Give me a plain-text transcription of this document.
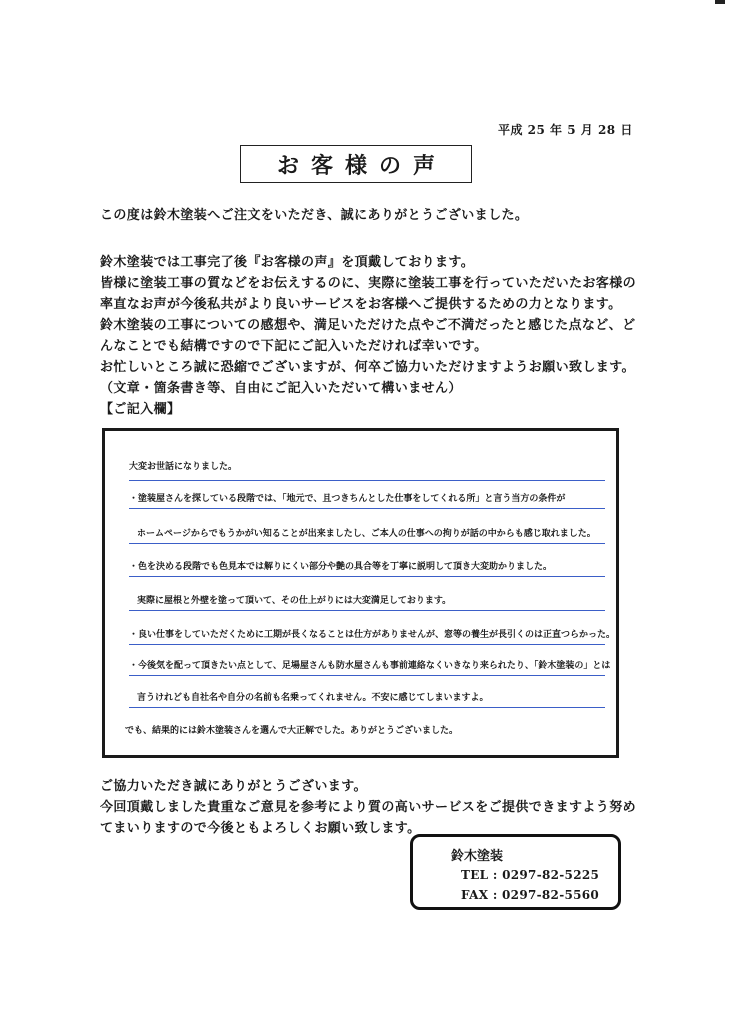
平成 25 年 5 月 28 日
お客様の声
この度は鈴木塗装へご注文をいただき、誠にありがとうございました。
鈴木塗装では工事完了後『お客様の声』を頂戴しております。
皆様に塗装工事の質などをお伝えするのに、実際に塗装工事を行っていただいたお客様の
率直なお声が今後私共がより良いサービスをお客様へご提供するための力となります。
鈴木塗装の工事についての感想や、満足いただけた点やご不満だったと感じた点など、ど
んなことでも結構ですので下記にご記入いただければ幸いです。
お忙しいところ誠に恐縮でございますが、何卒ご協力いただけますようお願い致します。
（文章・箇条書き等、自由にご記入いただいて構いません）
【ご記入欄】
大変お世話になりました。
・塗装屋さんを探している段階では、「地元で、且つきちんとした仕事をしてくれる所」と言う当方の条件が
ホームページからでもうかがい知ることが出来ましたし、ご本人の仕事への拘りが話の中からも感じ取れました。
・色を決める段階でも色見本では解りにくい部分や艶の具合等を丁寧に説明して頂き大変助かりました。
実際に屋根と外壁を塗って頂いて、その仕上がりには大変満足しております。
・良い仕事をしていただくために工期が長くなることは仕方がありませんが、窓等の養生が長引くのは正直つらかった。
・今後気を配って頂きたい点として、足場屋さんも防水屋さんも事前連絡なくいきなり来られたり、「鈴木塗装の」とは
言うけれども自社名や自分の名前も名乗ってくれません。不安に感じてしまいますよ。
でも、結果的には鈴木塗装さんを選んで大正解でした。ありがとうございました。
ご協力いただき誠にありがとうございます。
今回頂戴しました貴重なご意見を参考により質の高いサービスをご提供できますよう努め
てまいりますので今後ともよろしくお願い致します。
鈴木塗装
TEL : 0297-82-5225
FAX : 0297-82-5560
